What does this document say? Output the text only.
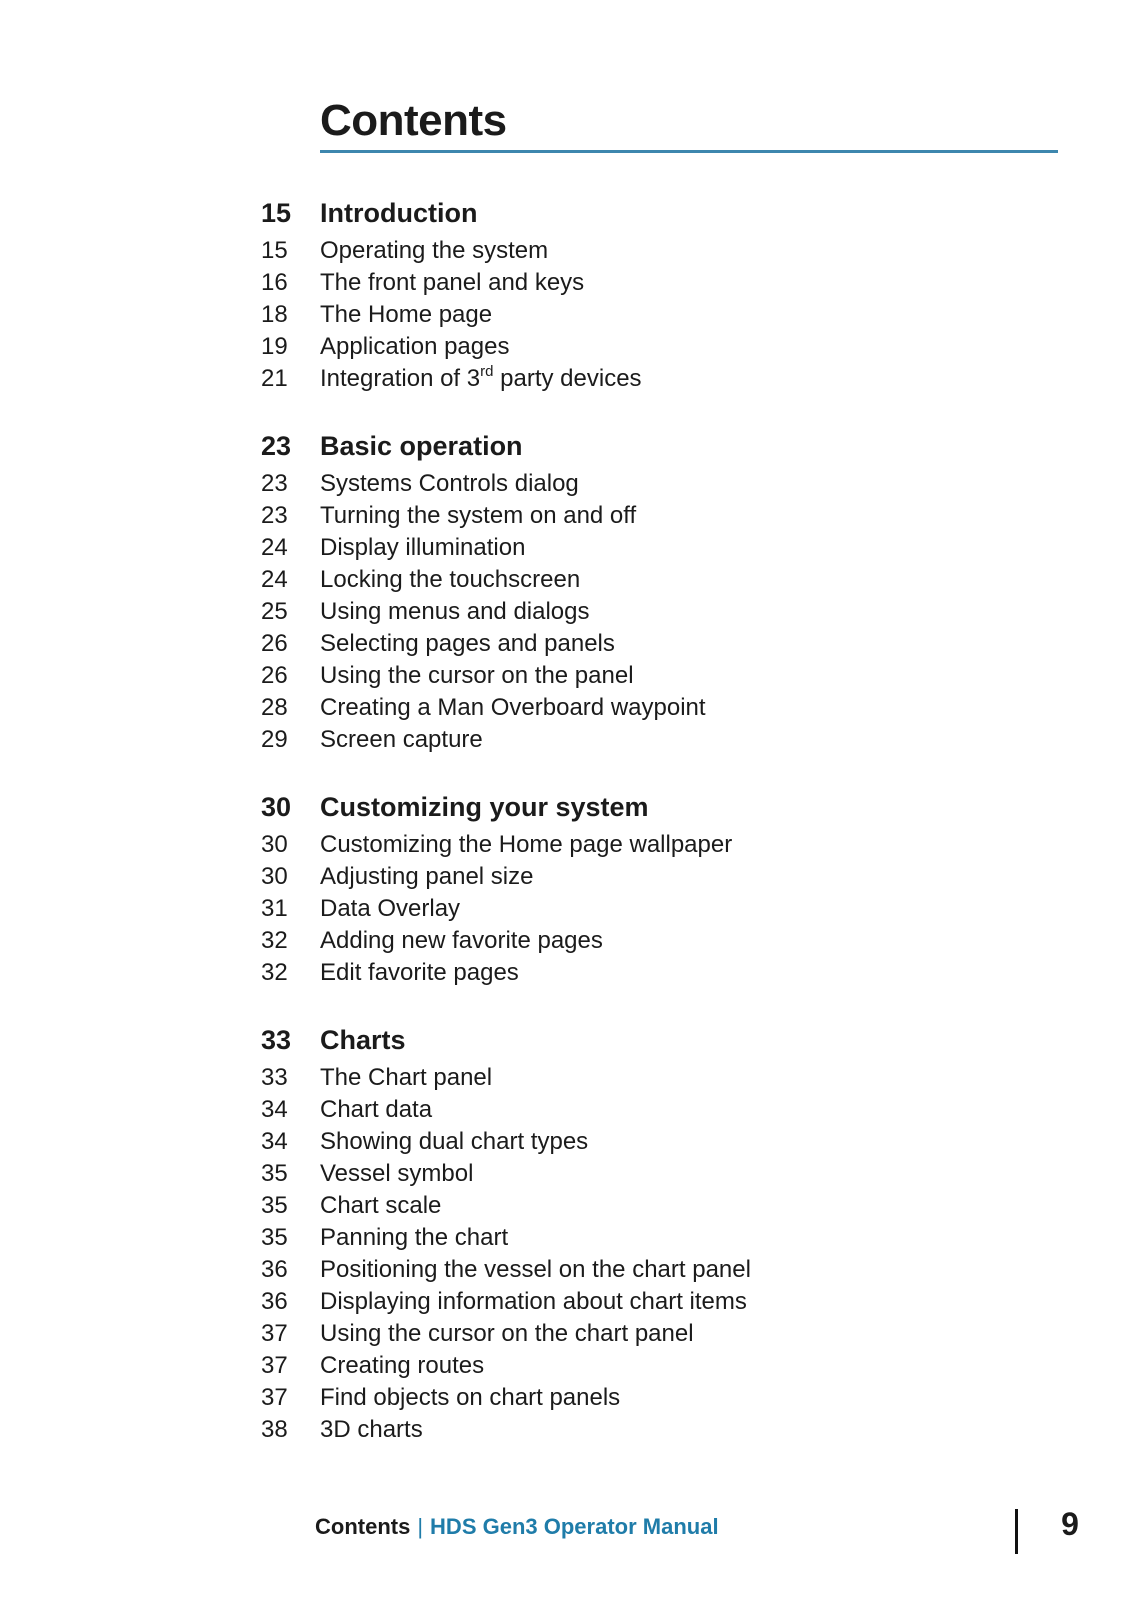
Contents
15	Introduction
15	Operating the system
16	The front panel and keys
18	The Home page
19	Application pages
21	Integration of 3rd party devices
23	Basic operation
23	Systems Controls dialog
23	Turning the system on and off
24	Display illumination
24	Locking the touchscreen
25	Using menus and dialogs
26	Selecting pages and panels
26	Using the cursor on the panel
28	Creating a Man Overboard waypoint
29	Screen capture
30	Customizing your system
30	Customizing the Home page wallpaper
30	Adjusting panel size
31	Data Overlay
32	Adding new favorite pages
32	Edit favorite pages
33	Charts
33	The Chart panel
34	Chart data
34	Showing dual chart types
35	Vessel symbol
35	Chart scale
35	Panning the chart
36	Positioning the vessel on the chart panel
36	Displaying information about chart items
37	Using the cursor on the chart panel
37	Creating routes
37	Find objects on chart panels
38	3D charts
Contents | HDS Gen3 Operator Manual	9
